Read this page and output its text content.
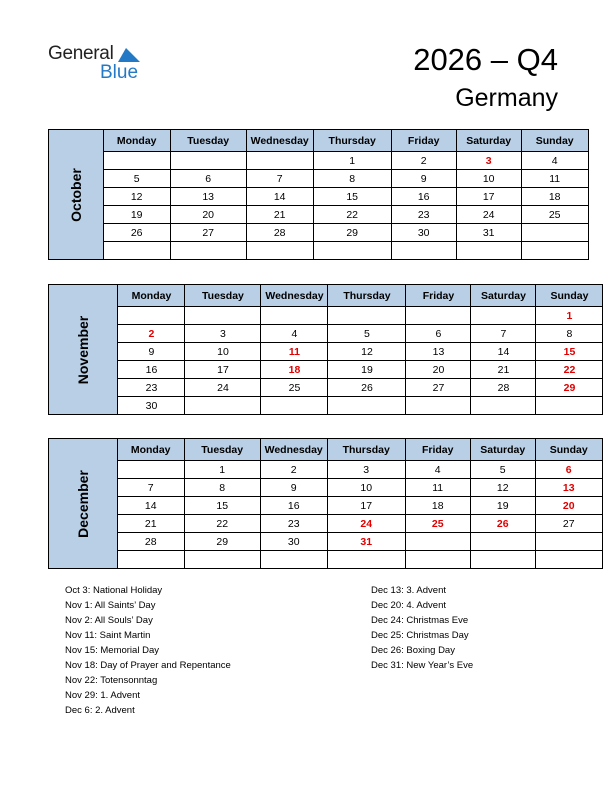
General
Blue	2026 – Q4
Germany
October	Monday	Tuesday	Wednesday	Thursday	Friday	Saturday	Sunday
				1	2	3	4
	5	6	7	8	9	10	11
	12	13	14	15	16	17	18
	19	20	21	22	23	24	25
	26	27	28	29	30	31	

November	Monday	Tuesday	Wednesday	Thursday	Friday	Saturday	Sunday
							1
	2	3	4	5	6	7	8
	9	10	11	12	13	14	15
	16	17	18	19	20	21	22
	23	24	25	26	27	28	29
	30						
December	Monday	Tuesday	Wednesday	Thursday	Friday	Saturday	Sunday
		1	2	3	4	5	6
	7	8	9	10	11	12	13
	14	15	16	17	18	19	20
	21	22	23	24	25	26	27
	28	29	30	31			

Oct 3: National Holiday
Nov 1: All Saints’ Day
Nov 2: All Souls’ Day
Nov 11: Saint Martin
Nov 15: Memorial Day
Nov 18: Day of Prayer and Repentance
Nov 22: Totensonntag
Nov 29: 1. Advent
Dec 6: 2. Advent
Dec 13: 3. Advent
Dec 20: 4. Advent
Dec 24: Christmas Eve
Dec 25: Christmas Day
Dec 26: Boxing Day
Dec 31: New Year’s Eve
